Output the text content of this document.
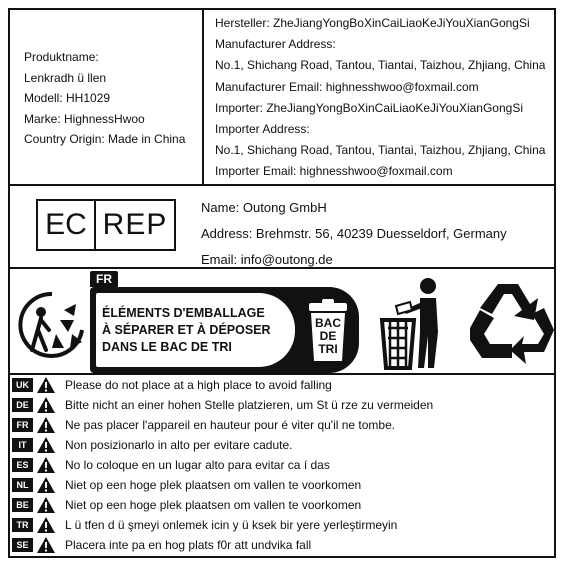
Produktname:
Lenkradh ü llen
Modell: HH1029
Marke: HighnessHwoo
Country Origin: Made in China
Hersteller: ZheJiangYongBoXinCaiLiaoKeJiYouXianGongSi
Manufacturer Address:
No.1, Shichang Road, Tantou, Tiantai, Taizhou, Zhjiang, China
Manufacturer Email: highnesshwoo@foxmail.com
Importer: ZheJiangYongBoXinCaiLiaoKeJiYouXianGongSi
Importer Address:
No.1, Shichang Road, Tantou, Tiantai, Taizhou, Zhjiang, China
Importer Email: highnesshwoo@foxmail.com
EC REP
Name: Outong GmbH
Address: Brehmstr. 56, 40239 Duesseldorf, Germany
Email: info@outong.de
FR
ÉLÉMENTS D'EMBALLAGE
À SÉPARER ET À DÉPOSER
DANS LE BAC DE TRI
BAC
DE
TRI
UK	Please do not place at a high place to avoid falling
DE	Bitte nicht an einer hohen Stelle platzieren, um St ü rze zu vermeiden
FR	Ne pas placer l'appareil en hauteur pour é viter qu'il ne tombe.
IT	Non posizionarlo in alto per evitare cadute.
ES	No lo coloque en un lugar alto para evitar ca í das
NL	Niet op een hoge plek plaatsen om vallen te voorkomen
BE	Niet op een hoge plek plaatsen om vallen te voorkomen
TR	L ü tfen d ü şmeyi onlemek icin y ü ksek bir yere yerleştirmeyin
SE	Placera inte pa en hog plats f0r att undvika fall
